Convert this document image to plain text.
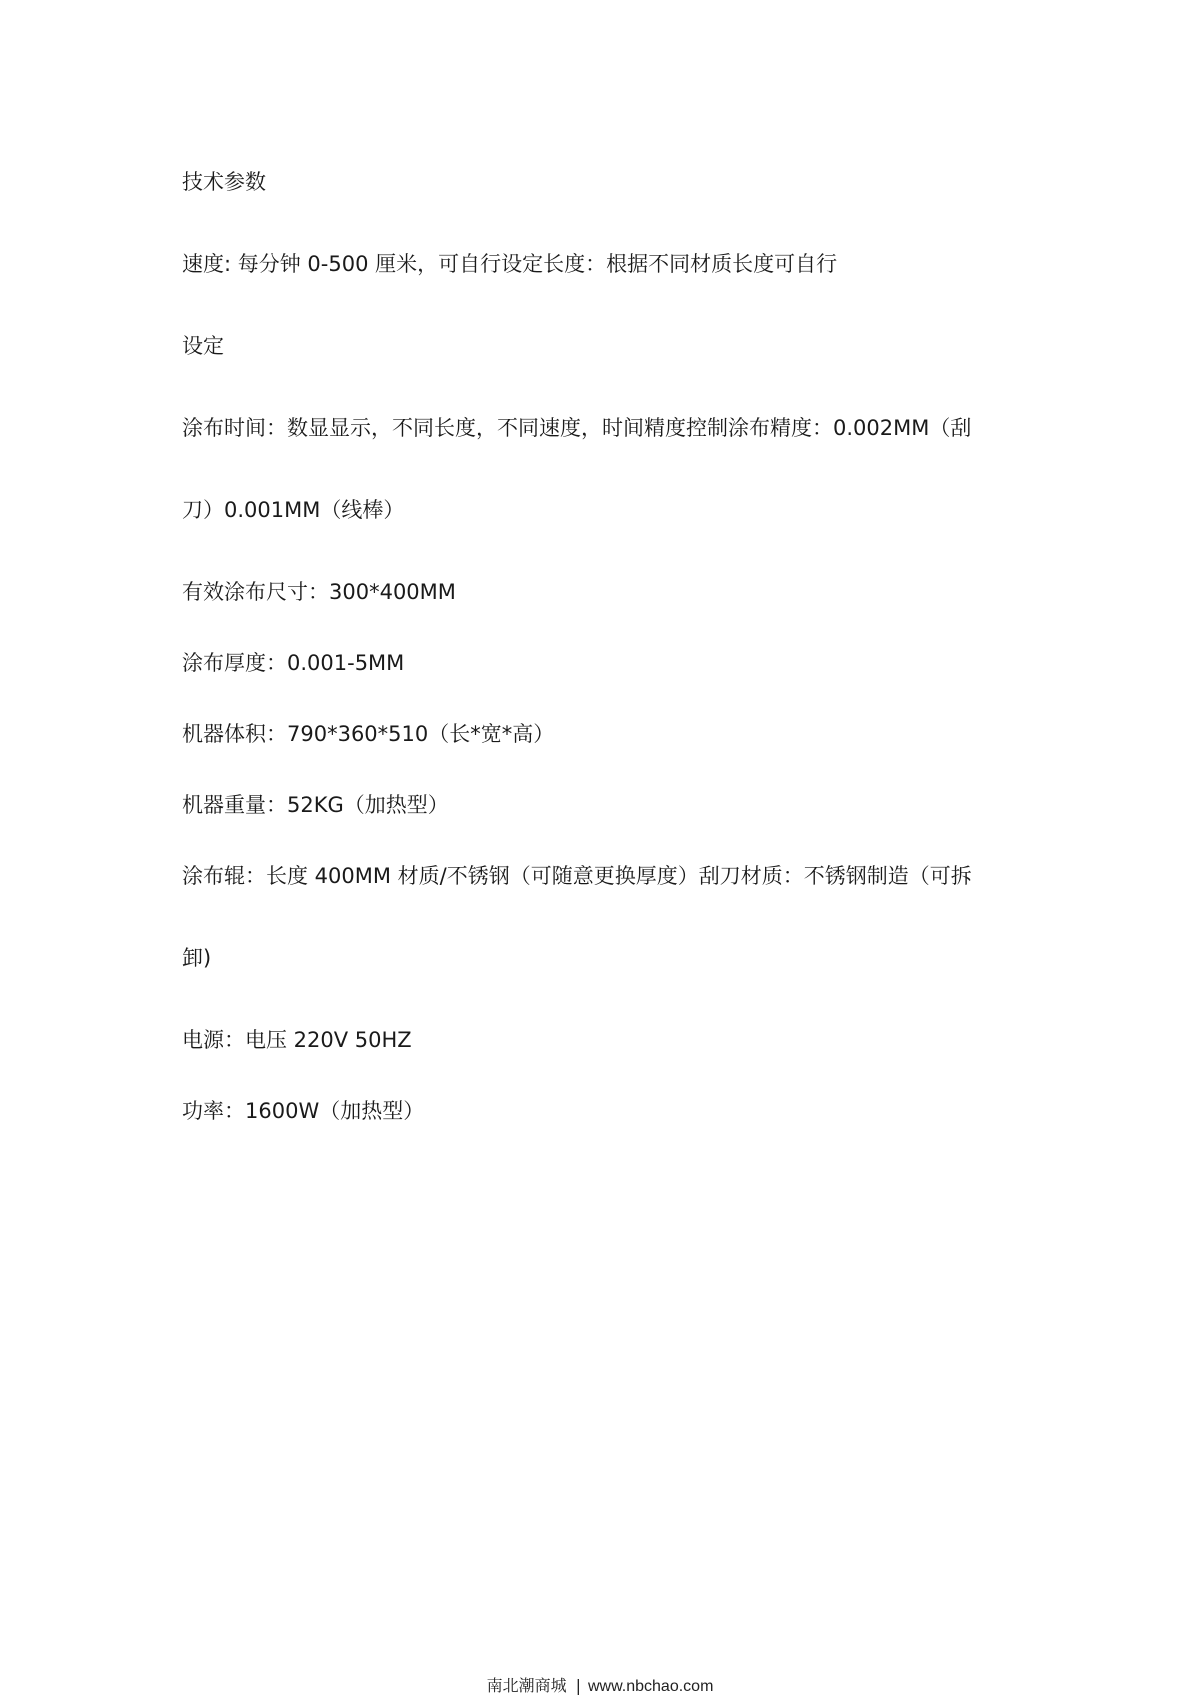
技术参数
速度: 每分钟 0-500 厘米，可自行设定长度：根据不同材质长度可自行
设定
涂布时间：数显显示，不同长度，不同速度，时间精度控制涂布精度：0.002MM（刮
刀）0.001MM（线棒）
有效涂布尺寸：300*400MM
涂布厚度：0.001-5MM
机器体积：790*360*510（长*宽*高）
机器重量：52KG（加热型）
涂布辊：长度 400MM 材质/不锈钢（可随意更换厚度）刮刀材质：不锈钢制造（可拆
卸)
电源：电压 220V 50HZ
功率：1600W（加热型）
南北潮商城 | www.nbchao.com
